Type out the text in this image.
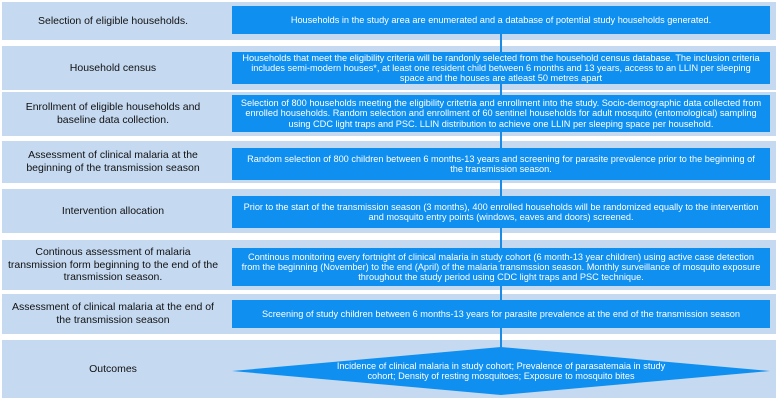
Selection of eligible households.
Household census
Enrollment of eligible households and baseline data collection.
Assessment of clinical malaria at the beginning of the transmission season
Intervention allocation
Continous assessment of malaria transmission form beginning to the end of the transmission season.
Assessment of clinical malaria at the end of the transmission season
Outcomes
Households in the study area are enumerated and a database of potential study households generated.
Households that meet the eligibility criteria will be randonly selected from the household census database. The inclusion criteria includes semi-modern houses*, at least one resident child between 6 months and 13 years, access to an LLIN per sleeping space and the houses are atleast 50 metres apart
Selection of 800 households meeting the eligibility critetria and enrollment into the study. Socio-demographic data collected from enrolled households. Random selection and enrollment of 60 sentinel households for adult mosquito (entomological) sampling using CDC light traps and PSC. LLIN distribution to achieve one LLIN per sleeping space per household.
Random selection of 800 children between 6 months-13 years and screening for parasite prevalence prior to the beginning of the transmission season.
Prior to the start of the transmission season (3 months), 400 enrolled households will be randomized equally to the intervention and mosquito entry points (windows, eaves and doors) screened.
Continous monitoring every fortnight of clinical malaria in study cohort (6 month-13 year children) using active case detection from the beginning (November) to the end (April) of the malaria transmssion season. Monthly surveillance of mosquito exposure throughout the study period using CDC light traps and PSC technique.
Screening of study children between 6 months-13 years for parasite prevalence at the end of the transmission season
Incidence of clinical malaria in study cohort; Prevalence of parasatemaia in study cohort; Density of resting mosquitoes; Exposure to mosquito bites
